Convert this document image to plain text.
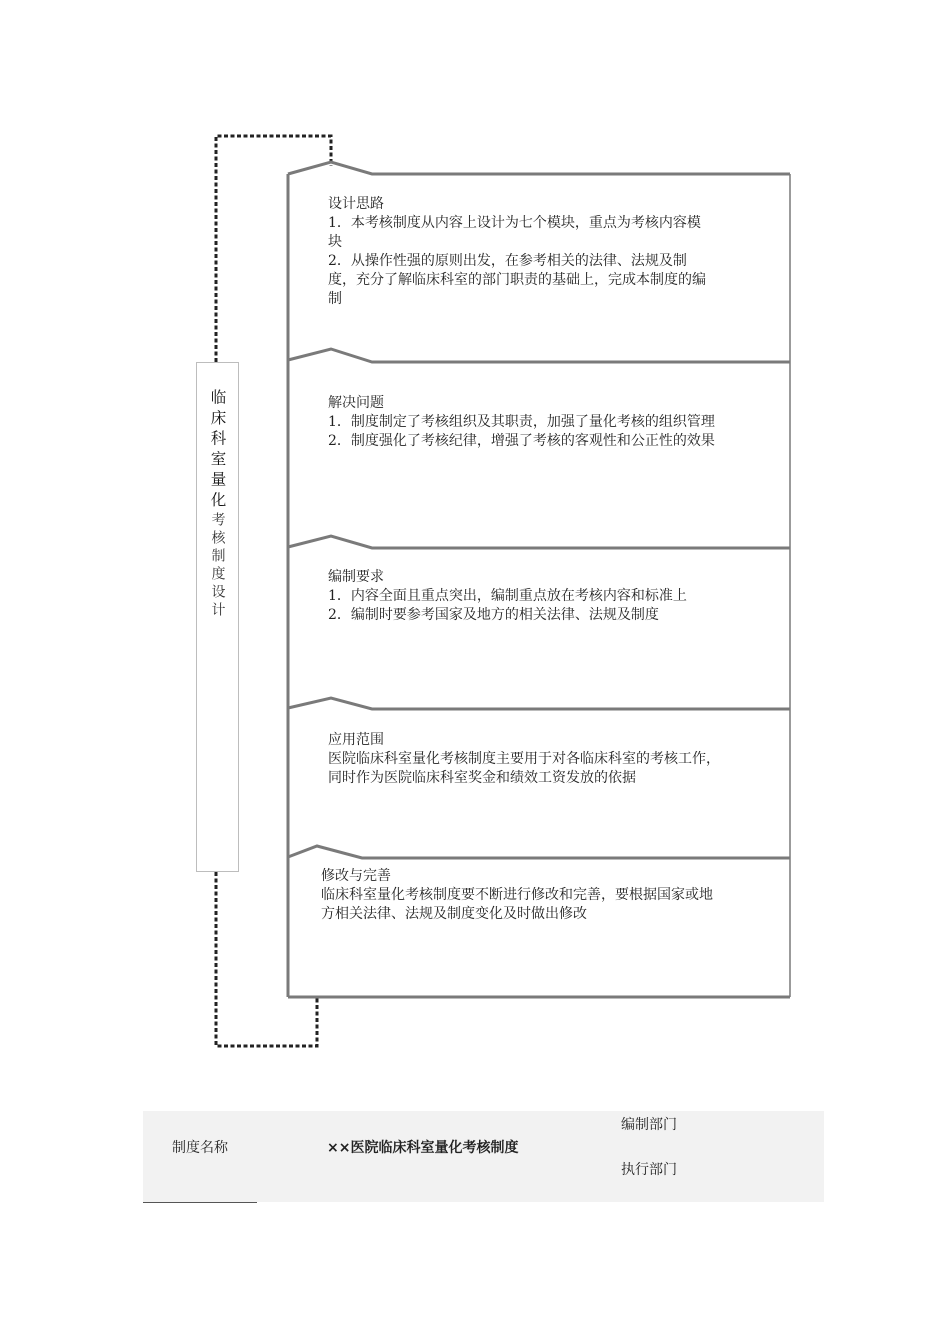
临床科室量化
考核制度设计
设计思路
1．本考核制度从内容上设计为七个模块，重点为考核内容模
块
2．从操作性强的原则出发，在参考相关的法律、法规及制
度，充分了解临床科室的部门职责的基础上，完成本制度的编
制
解决问题
1．制度制定了考核组织及其职责，加强了量化考核的组织管理
2．制度强化了考核纪律，增强了考核的客观性和公正性的效果
编制要求
1．内容全面且重点突出，编制重点放在考核内容和标准上
2．编制时要参考国家及地方的相关法律、法规及制度
应用范围
医院临床科室量化考核制度主要用于对各临床科室的考核工作，
同时作为医院临床科室奖金和绩效工资发放的依据
修改与完善
临床科室量化考核制度要不断进行修改和完善，要根据国家或地
方相关法律、法规及制度变化及时做出修改
制度名称	××医院临床科室量化考核制度
编制部门
执行部门
